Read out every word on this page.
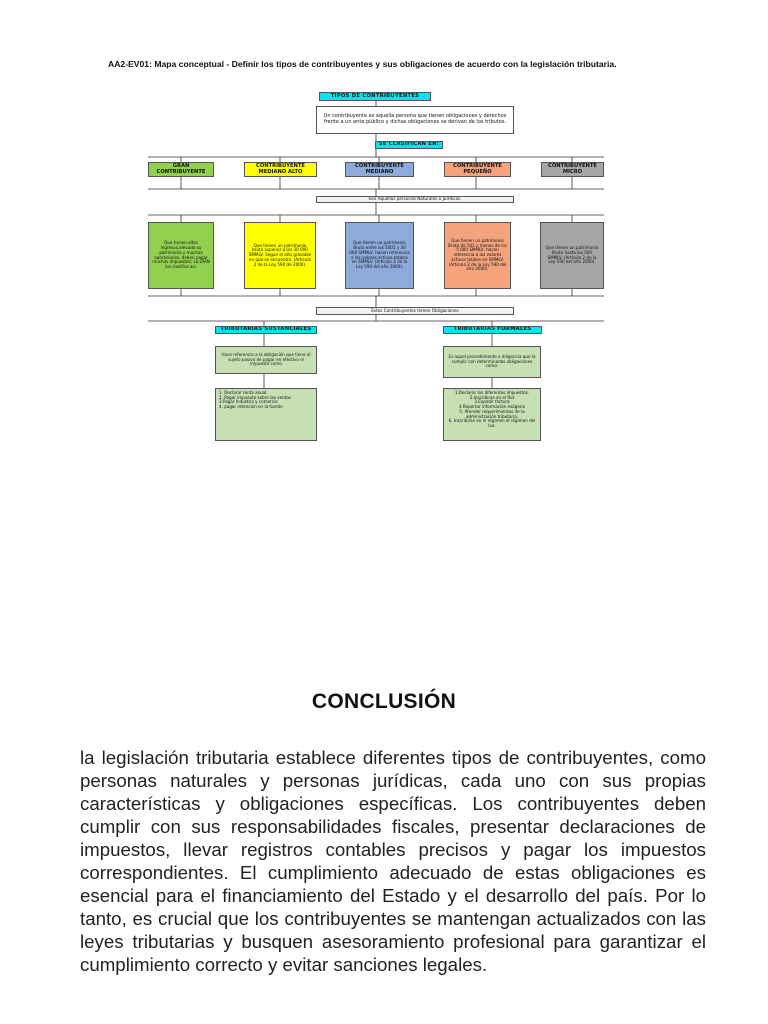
AA2-EV01: Mapa conceptual - Definir los tipos de contribuyentes y sus obligaciones de acuerdo con la legislación tributaria.
TIPOS DE CONTRIBUYENTES
Un contribuyente es aquella persona que tienen obligaciones y derechos frente a un ente público y dichas obligaciones se derivan de los tributos.
SE CLASIFICAN EN:
GRAN CONTRIBUYENTE
CONTRIBUYENTE MEDIANO ALTO
CONTRIBUYENTE MEDIANO
CONTRIBUYENTE PEQUEÑO
CONTRIBUYENTE MICRO
Son Aquellas personas Naturales o Jurídicas.
Que tienen altos ingresos,elevado su patrimonio y muchas operaciones, deben pagar muchos impuestos; La DIAN los clasifica así.
Que tienen un patrimonio bruto superior a los 30 000 SMMLV. Según el año gravable en que se encuentro. (Artículo 2 de la Ley 590 de 2000).
Que tienen un patrimonio Bruto entre los 5001 y 30 000 SMMLV, hacen referencia a los valores activos totales en SMMLV. (Artículo 2 de la Ley 590 del año 2000).
Que tienen un patrimonio Bruto de 501 y menos de los 5.000 SMMLV, hacen referencia a los valores activos totales en SMMLV. (Artículo 2 de la Ley 590 del año 2000).
Que tienen un patrimonio Bruto hasta los 500 SMMLV. (Artículo 2 de la Ley 590 del año 2000).
Estos Contribuyentes tienen Obligaciones
TRIBUTARIAS SUSTANCIALES	TRIBUTARIAS FORMALES
Hace referencia a la obligación que tiene el sujeto pasivo de pagar en efectivo el impuesto como
Es aquel procedimiento o diligencia que la cumplir con determinadas obligaciones como:
1. Declarar renta anual.
2. Pagar impuesto sobre las ventas
3.Pagar Industria y comercio
4. pagar retencion en la fuente
1.Declarar los diferentes impuestos.
2.Inscribirse en el Rut
3.Expedir factura
4.Reportar información exógena
5. Atender requerimientos de la administración tributaria.
6. Inscribirse en el régimen el régimen del Iva.
CONCLUSIÓN
la legislación tributaria establece diferentes tipos de contribuyentes, como personas naturales y personas jurídicas, cada uno con sus propias características y obligaciones específicas. Los contribuyentes deben cumplir con sus responsabilidades fiscales, presentar declaraciones de impuestos, llevar registros contables precisos y pagar los impuestos correspondientes. El cumplimiento adecuado de estas obligaciones es esencial para el financiamiento del Estado y el desarrollo del país. Por lo tanto, es crucial que los contribuyentes se mantengan actualizados con las leyes tributarias y busquen asesoramiento profesional para garantizar el cumplimiento correcto y evitar sanciones legales.
